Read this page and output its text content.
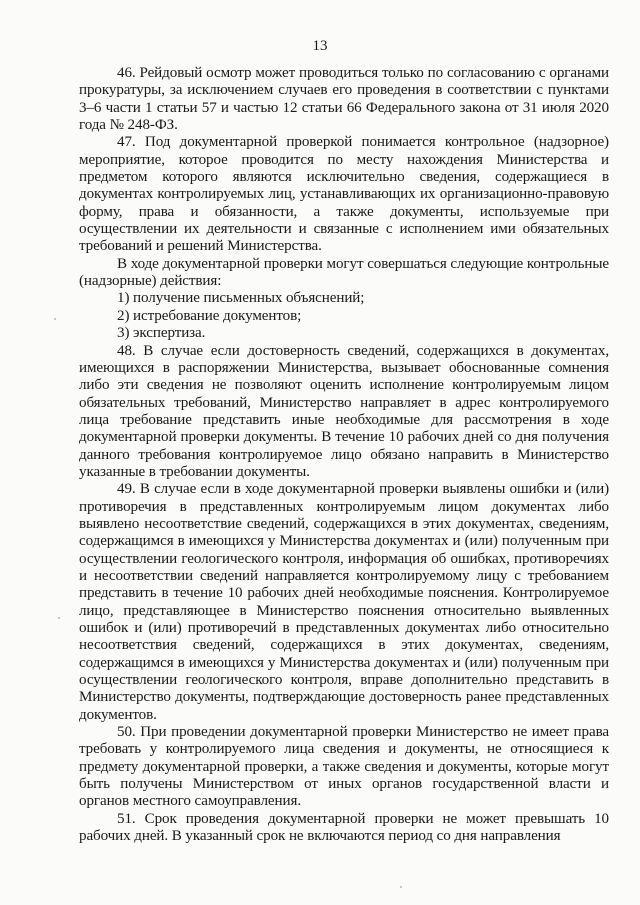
13

46. Рейдовый осмотр может проводиться только по согласованию с органами прокуратуры, за исключением случаев его проведения в соответствии с пунктами 3–6 части 1 статьи 57 и частью 12 статьи 66 Федерального закона от 31 июля 2020 года № 248-ФЗ.

47. Под документарной проверкой понимается контрольное (надзорное) мероприятие, которое проводится по месту нахождения Министерства и предметом которого являются исключительно сведения, содержащиеся в документах контролируемых лиц, устанавливающих их организационно-правовую форму, права и обязанности, а также документы, используемые при осуществлении их деятельности и связанные с исполнением ими обязательных требований и решений Министерства.

В ходе документарной проверки могут совершаться следующие контрольные (надзорные) действия:

1) получение письменных объяснений;

2) истребование документов;

3) экспертиза.

48. В случае если достоверность сведений, содержащихся в документах, имеющихся в распоряжении Министерства, вызывает обоснованные сомнения либо эти сведения не позволяют оценить исполнение контролируемым лицом обязательных требований, Министерство направляет в адрес контролируемого лица требование представить иные необходимые для рассмотрения в ходе документарной проверки документы. В течение 10 рабочих дней со дня получения данного требования контролируемое лицо обязано направить в Министерство указанные в требовании документы.

49. В случае если в ходе документарной проверки выявлены ошибки и (или) противоречия в представленных контролируемым лицом документах либо выявлено несоответствие сведений, содержащихся в этих документах, сведениям, содержащимся в имеющихся у Министерства документах и (или) полученным при осуществлении геологического контроля, информация об ошибках, противоречиях и несоответствии сведений направляется контролируемому лицу с требованием представить в течение 10 рабочих дней необходимые пояснения. Контролируемое лицо, представляющее в Министерство пояснения относительно выявленных ошибок и (или) противоречий в представленных документах либо относительно несоответствия сведений, содержащихся в этих документах, сведениям, содержащимся в имеющихся у Министерства документах и (или) полученным при осуществлении геологического контроля, вправе дополнительно представить в Министерство документы, подтверждающие достоверность ранее представленных документов.

50. При проведении документарной проверки Министерство не имеет права требовать у контролируемого лица сведения и документы, не относящиеся к предмету документарной проверки, а также сведения и документы, которые могут быть получены Министерством от иных органов государственной власти и органов местного самоуправления.

51. Срок проведения документарной проверки не может превышать 10 рабочих дней. В указанный срок не включаются период со дня направления
